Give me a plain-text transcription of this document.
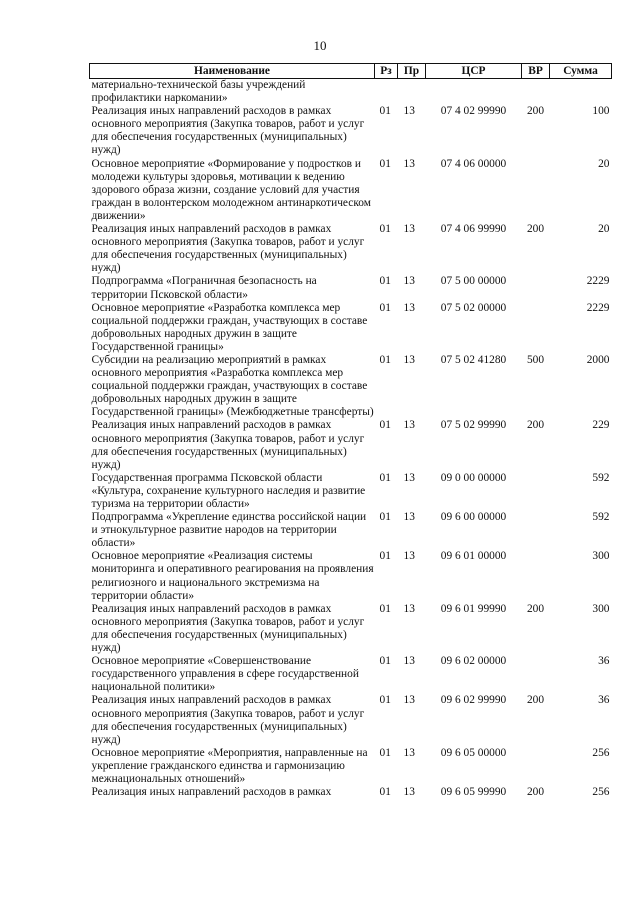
10
Наименование	Рз	Пр	ЦСР	ВР	Сумма
материально-технической базы учреждений профилактики наркомании»					
Реализация иных направлений расходов в рамках основного мероприятия (Закупка товаров, работ и услуг для обеспечения государственных (муниципальных) нужд)	01	13	07 4 02 99990	200	100
Основное мероприятие «Формирование у подростков и молодежи культуры здоровья, мотивации к ведению здорового образа жизни, создание условий для участия граждан в волонтерском молодежном антинаркотическом движении»	01	13	07 4 06 00000		20
Реализация иных направлений расходов в рамках основного мероприятия (Закупка товаров, работ и услуг для обеспечения государственных (муниципальных) нужд)	01	13	07 4 06 99990	200	20
Подпрограмма «Пограничная безопасность на территории Псковской области»	01	13	07 5 00 00000		2229
Основное мероприятие «Разработка комплекса мер социальной поддержки граждан, участвующих в составе добровольных народных дружин в защите Государственной границы»	01	13	07 5 02 00000		2229
Субсидии на реализацию мероприятий в рамках основного мероприятия «Разработка комплекса мер социальной поддержки граждан, участвующих в составе добровольных народных дружин в защите Государственной границы» (Межбюджетные трансферты)	01	13	07 5 02 41280	500	2000
Реализация иных направлений расходов в рамках основного мероприятия (Закупка товаров, работ и услуг для обеспечения государственных (муниципальных) нужд)	01	13	07 5 02 99990	200	229
Государственная программа Псковской области «Культура, сохранение культурного наследия и развитие туризма на территории области»	01	13	09 0 00 00000		592
Подпрограмма «Укрепление единства российской нации и этнокультурное развитие народов на территории области»	01	13	09 6 00 00000		592
Основное мероприятие «Реализация системы мониторинга и оперативного реагирования на проявления религиозного и национального экстремизма на территории области»	01	13	09 6 01 00000		300
Реализация иных направлений расходов в рамках основного мероприятия (Закупка товаров, работ и услуг для обеспечения государственных (муниципальных) нужд)	01	13	09 6 01 99990	200	300
Основное мероприятие «Совершенствование государственного управления в сфере государственной национальной политики»	01	13	09 6 02 00000		36
Реализация иных направлений расходов в рамках основного мероприятия (Закупка товаров, работ и услуг для обеспечения государственных (муниципальных) нужд)	01	13	09 6 02 99990	200	36
Основное мероприятие «Мероприятия, направленные на укрепление гражданского единства и гармонизацию межнациональных отношений»	01	13	09 6 05 00000		256
Реализация иных направлений расходов в рамках	01	13	09 6 05 99990	200	256
